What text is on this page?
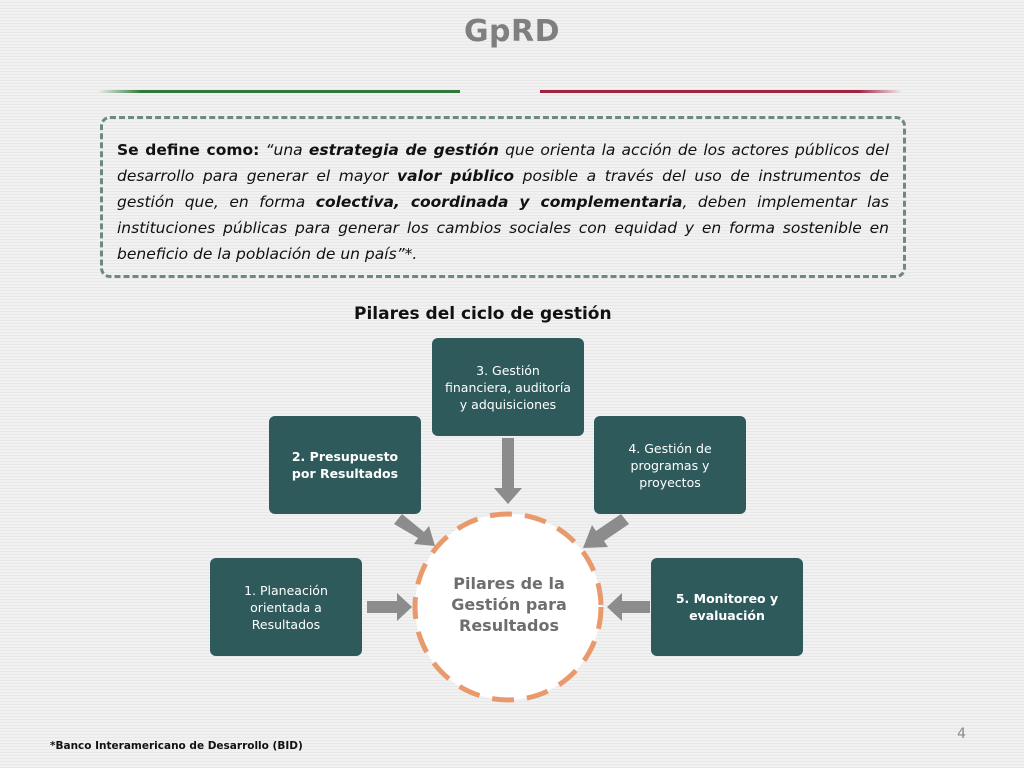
GpRD

Se define como: “una estrategia de gestión que orienta la acción de los actores públicos del desarrollo para generar el mayor valor público posible a través del uso de instrumentos de gestión que, en forma colectiva, coordinada y complementaria, deben implementar las instituciones públicas para generar los cambios sociales con equidad y en forma sostenible en beneficio de la población de un país”*.

Pilares del ciclo de gestión
Pilares de la Gestión para Resultados
1. Planeación orientada a Resultados
2. Presupuesto por Resultados
3. Gestión financiera, auditoría y adquisiciones
4. Gestión de programas y proyectos
5. Monitoreo y evaluación
4
*Banco Interamericano de Desarrollo (BID)
